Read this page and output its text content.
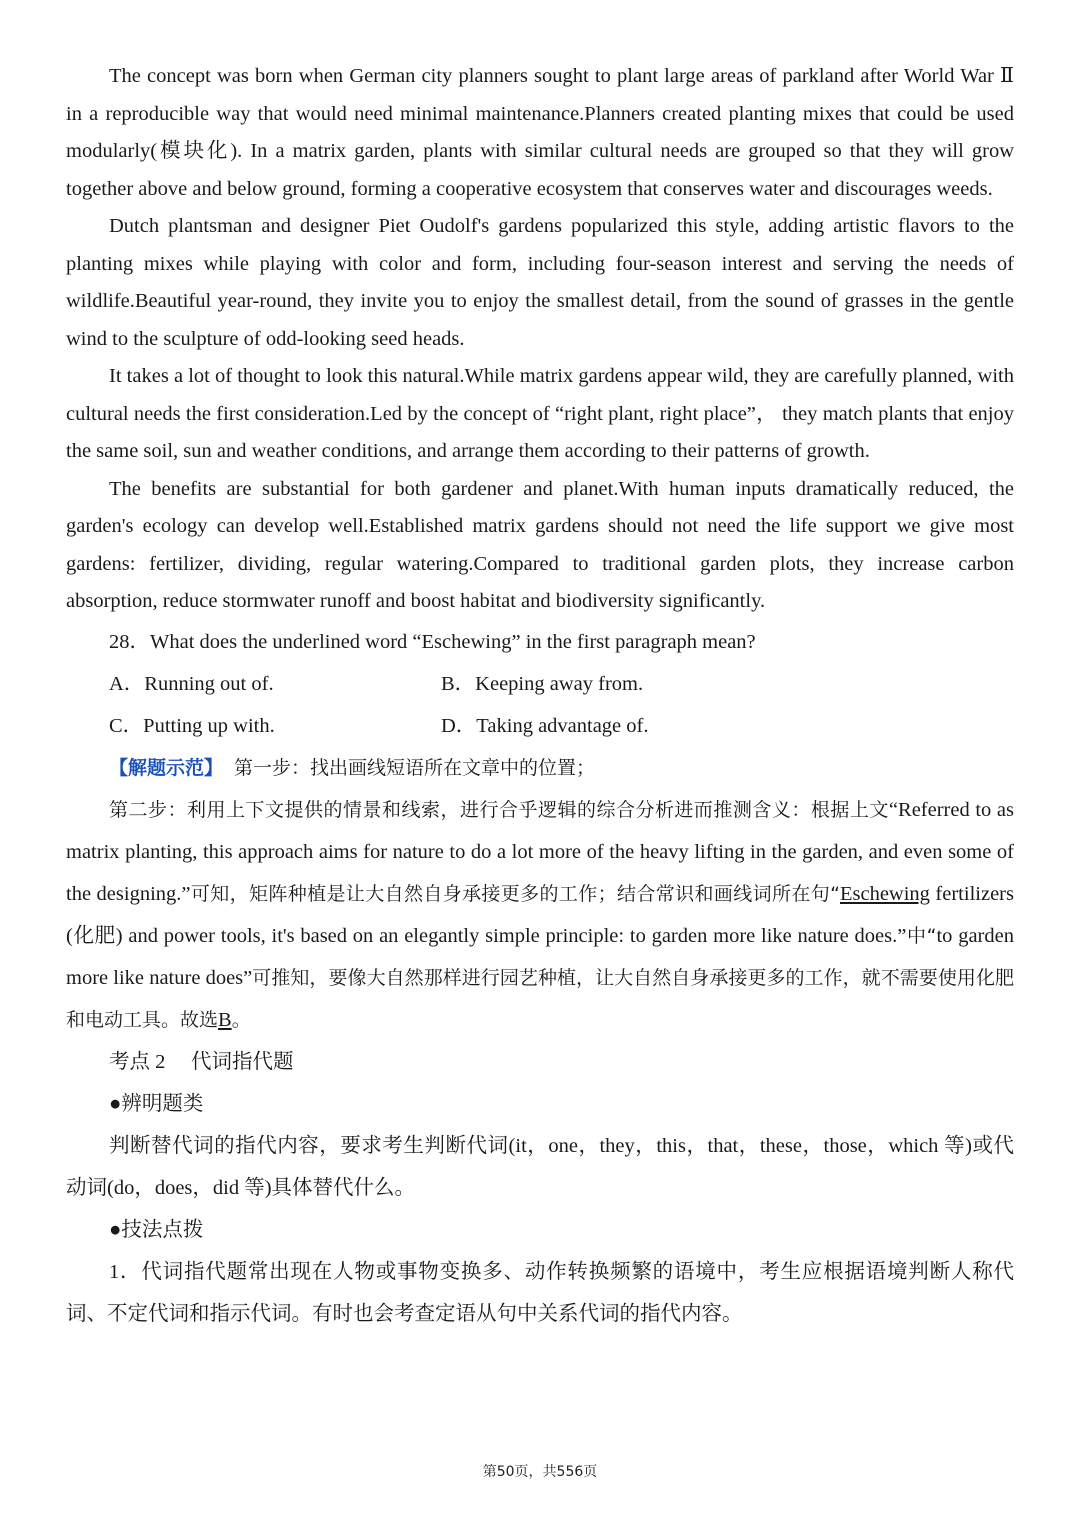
The concept was born when German city planners sought to plant large areas of parkland after World War Ⅱ in a reproducible way that would need minimal maintenance.Planners created planting mixes that could be used modularly(模块化). In a matrix garden, plants with similar cultural needs are grouped so that they will grow together above and below ground, forming a cooperative ecosystem that conserves water and discourages weeds.

Dutch plantsman and designer Piet Oudolf's gardens popularized this style, adding artistic flavors to the planting mixes while playing with color and form, including four-season interest and serving the needs of wildlife.Beautiful year-round, they invite you to enjoy the smallest detail, from the sound of grasses in the gentle wind to the sculpture of odd-looking seed heads.

It takes a lot of thought to look this natural.While matrix gardens appear wild, they are carefully planned, with cultural needs the first consideration.Led by the concept of “right plant, right place”， they match plants that enjoy the same soil, sun and weather conditions, and arrange them according to their patterns of growth.

The benefits are substantial for both gardener and planet.With human inputs dramatically reduced, the garden's ecology can develop well.Established matrix gardens should not need the life support we give most gardens: fertilizer, dividing, regular watering.Compared to traditional garden plots, they increase carbon absorption, reduce stormwater runoff and boost habitat and biodiversity significantly.

28．What does the underlined word “Eschewing” in the first paragraph mean?

A．Running out of.	B．Keeping away from.
C．Putting up with.	D．Taking advantage of.

【解题示范】　 第一步：找出画线短语所在文章中的位置；

第二步：利用上下文提供的情景和线索，进行合乎逻辑的综合分析进而推测含义：根据上文“Referred to as matrix planting, this approach aims for nature to do a lot more of the heavy lifting in the garden, and even some of the designing.”可知，矩阵种植是让大自然自身承接更多的工作；结合常识和画线词所在句“Eschewing fertilizers (化肥) and power tools, it's based on an elegantly simple principle: to garden more like nature does.”中“to garden more like nature does”可推知，要像大自然那样进行园艺种植，让大自然自身承接更多的工作，就不需要使用化肥和电动工具。故选B。

考点 2　 代词指代题

●辨明题类

判断替代词的指代内容，要求考生判断代词(it，one，they，this，that，these，those，which 等)或代动词(do，does，did 等)具体替代什么。

●技法点拨

1．代词指代题常出现在人物或事物变换多、动作转换频繁的语境中，考生应根据语境判断人称代词、不定代词和指示代词。有时也会考查定语从句中关系代词的指代内容。

第50页，共556页
